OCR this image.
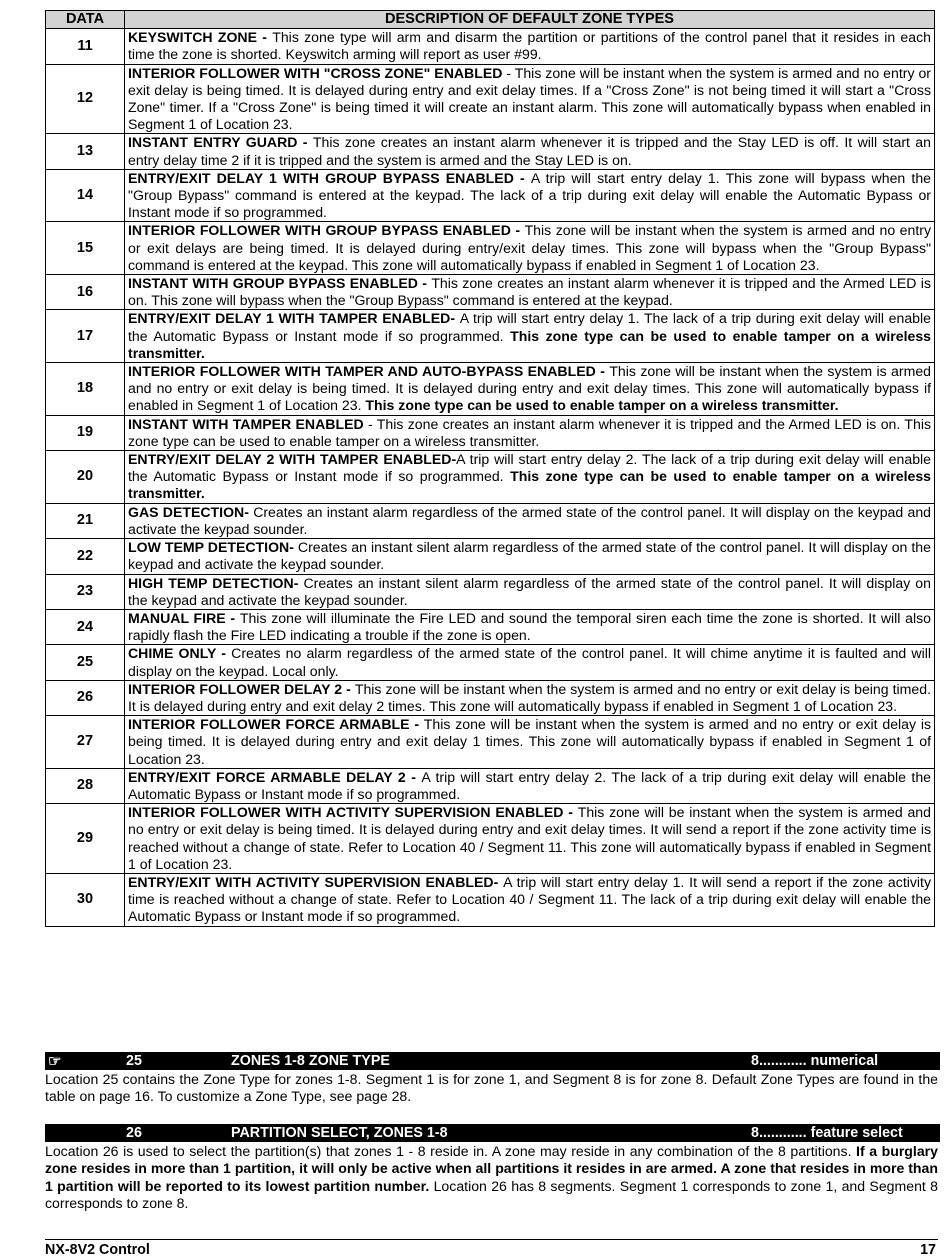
DATA	DESCRIPTION OF DEFAULT ZONE TYPES
11	KEYSWITCH ZONE - This zone type will arm and disarm the partition or partitions of the control panel that it resides in each time the zone is shorted. Keyswitch arming will report as user #99.
12	INTERIOR FOLLOWER WITH "CROSS ZONE" ENABLED - This zone will be instant when the system is armed and no entry or exit delay is being timed. It is delayed during entry and exit delay times. If a "Cross Zone" is not being timed it will start a "Cross Zone" timer. If a "Cross Zone" is being timed it will create an instant alarm. This zone will automatically bypass when enabled in Segment 1 of Location 23.
13	INSTANT ENTRY GUARD - This zone creates an instant alarm whenever it is tripped and the Stay LED is off. It will start an entry delay time 2 if it is tripped and the system is armed and the Stay LED is on.
14	ENTRY/EXIT DELAY 1 WITH GROUP BYPASS ENABLED - A trip will start entry delay 1. This zone will bypass when the "Group Bypass" command is entered at the keypad. The lack of a trip during exit delay will enable the Automatic Bypass or Instant mode if so programmed.
15	INTERIOR FOLLOWER WITH GROUP BYPASS ENABLED - This zone will be instant when the system is armed and no entry or exit delays are being timed. It is delayed during entry/exit delay times. This zone will bypass when the "Group Bypass" command is entered at the keypad. This zone will automatically bypass if enabled in Segment 1 of Location 23.
16	INSTANT WITH GROUP BYPASS ENABLED - This zone creates an instant alarm whenever it is tripped and the Armed LED is on. This zone will bypass when the "Group Bypass" command is entered at the keypad.
17	ENTRY/EXIT DELAY 1 WITH TAMPER ENABLED- A trip will start entry delay 1. The lack of a trip during exit delay will enable the Automatic Bypass or Instant mode if so programmed. This zone type can be used to enable tamper on a wireless transmitter.
18	INTERIOR FOLLOWER WITH TAMPER AND AUTO-BYPASS ENABLED - This zone will be instant when the system is armed and no entry or exit delay is being timed. It is delayed during entry and exit delay times. This zone will automatically bypass if enabled in Segment 1 of Location 23. This zone type can be used to enable tamper on a wireless transmitter.
19	INSTANT WITH TAMPER ENABLED - This zone creates an instant alarm whenever it is tripped and the Armed LED is on. This zone type can be used to enable tamper on a wireless transmitter.
20	ENTRY/EXIT DELAY 2 WITH TAMPER ENABLED-A trip will start entry delay 2. The lack of a trip during exit delay will enable the Automatic Bypass or Instant mode if so programmed. This zone type can be used to enable tamper on a wireless transmitter.
21	GAS DETECTION- Creates an instant alarm regardless of the armed state of the control panel. It will display on the keypad and activate the keypad sounder.
22	LOW TEMP DETECTION- Creates an instant silent alarm regardless of the armed state of the control panel. It will display on the keypad and activate the keypad sounder.
23	HIGH TEMP DETECTION- Creates an instant silent alarm regardless of the armed state of the control panel. It will display on the keypad and activate the keypad sounder.
24	MANUAL FIRE - This zone will illuminate the Fire LED and sound the temporal siren each time the zone is shorted. It will also rapidly flash the Fire LED indicating a trouble if the zone is open.
25	CHIME ONLY - Creates no alarm regardless of the armed state of the control panel. It will chime anytime it is faulted and will display on the keypad. Local only.
26	INTERIOR FOLLOWER DELAY 2 - This zone will be instant when the system is armed and no entry or exit delay is being timed. It is delayed during entry and exit delay 2 times. This zone will automatically bypass if enabled in Segment 1 of Location 23.
27	INTERIOR FOLLOWER FORCE ARMABLE - This zone will be instant when the system is armed and no entry or exit delay is being timed. It is delayed during entry and exit delay 1 times. This zone will automatically bypass if enabled in Segment 1 of Location 23.
28	ENTRY/EXIT FORCE ARMABLE DELAY 2 - A trip will start entry delay 2. The lack of a trip during exit delay will enable the Automatic Bypass or Instant mode if so programmed.
29	INTERIOR FOLLOWER WITH ACTIVITY SUPERVISION ENABLED - This zone will be instant when the system is armed and no entry or exit delay is being timed. It is delayed during entry and exit delay times. It will send a report if the zone activity time is reached without a change of state. Refer to Location 40 / Segment 11. This zone will automatically bypass if enabled in Segment 1 of Location 23.
30	ENTRY/EXIT WITH ACTIVITY SUPERVISION ENABLED- A trip will start entry delay 1. It will send a report if the zone activity time is reached without a change of state. Refer to Location 40 / Segment 11. The lack of a trip during exit delay will enable the Automatic Bypass or Instant mode if so programmed.
☞	25	ZONES 1-8 ZONE TYPE	8............ numerical
Location 25 contains the Zone Type for zones 1-8. Segment 1 is for zone 1, and Segment 8 is for zone 8. Default Zone Types are found in the table on page 16. To customize a Zone Type, see page 28.
26	PARTITION SELECT, ZONES 1-8	8............ feature select
Location 26 is used to select the partition(s) that zones 1 - 8 reside in. A zone may reside in any combination of the 8 partitions. If a burglary zone resides in more than 1 partition, it will only be active when all partitions it resides in are armed. A zone that resides in more than 1 partition will be reported to its lowest partition number. Location 26 has 8 segments. Segment 1 corresponds to zone 1, and Segment 8 corresponds to zone 8.
NX-8V2 Control	17
